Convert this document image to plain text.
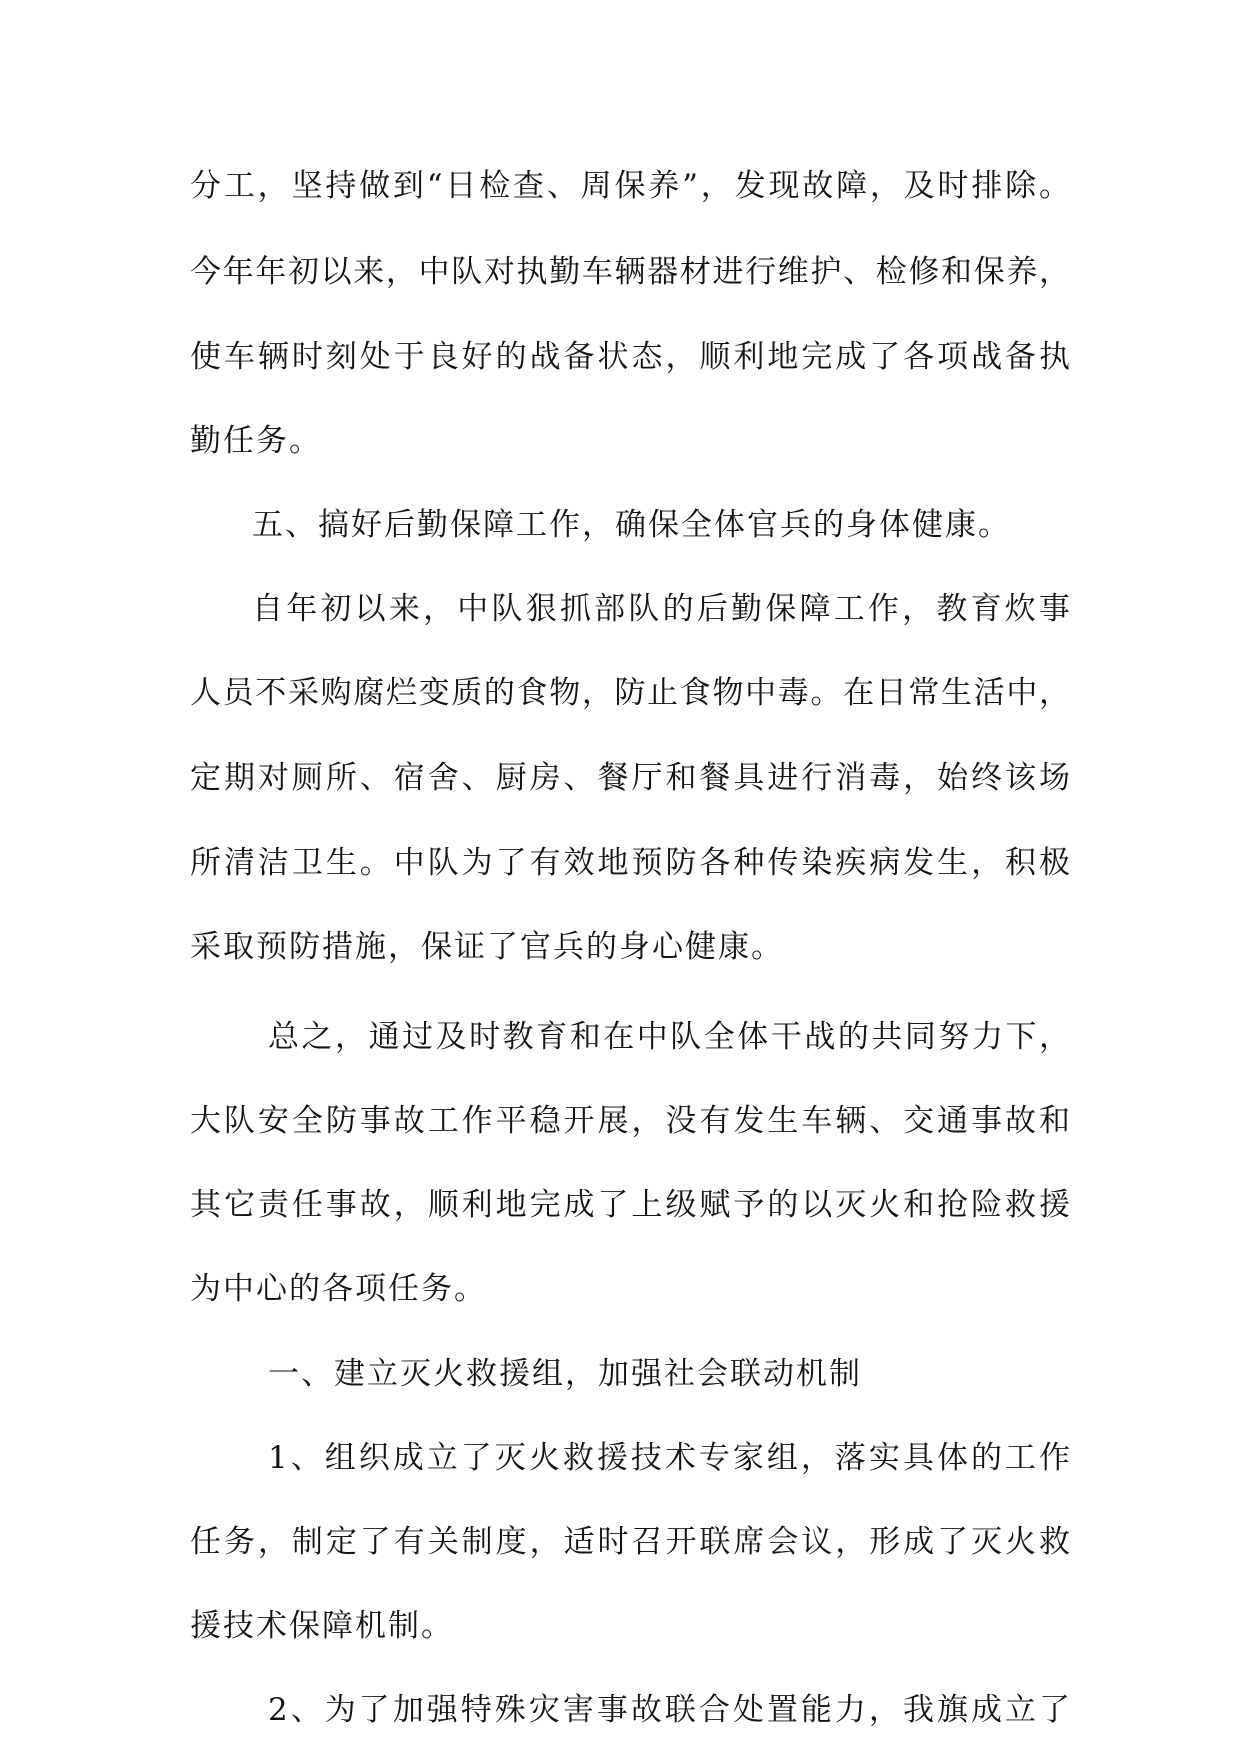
分工，坚持做到“日检查、周保养”，发现故障，及时排除。
今年年初以来，中队对执勤车辆器材进行维护、检修和保养，
使车辆时刻处于良好的战备状态，顺利地完成了各项战备执
勤任务。
五、搞好后勤保障工作，确保全体官兵的身体健康。
自年初以来，中队狠抓部队的后勤保障工作，教育炊事
人员不采购腐烂变质的食物，防止食物中毒。在日常生活中，
定期对厕所、宿舍、厨房、餐厅和餐具进行消毒，始终该场
所清洁卫生。中队为了有效地预防各种传染疾病发生，积极
采取预防措施，保证了官兵的身心健康。
总之，通过及时教育和在中队全体干战的共同努力下，
大队安全防事故工作平稳开展，没有发生车辆、交通事故和
其它责任事故，顺利地完成了上级赋予的以灭火和抢险救援
为中心的各项任务。
一、建立灭火救援组，加强社会联动机制
1、组织成立了灭火救援技术专家组，落实具体的工作
任务，制定了有关制度，适时召开联席会议，形成了灭火救
援技术保障机制。
2、为了加强特殊灾害事故联合处置能力，我旗成立了
